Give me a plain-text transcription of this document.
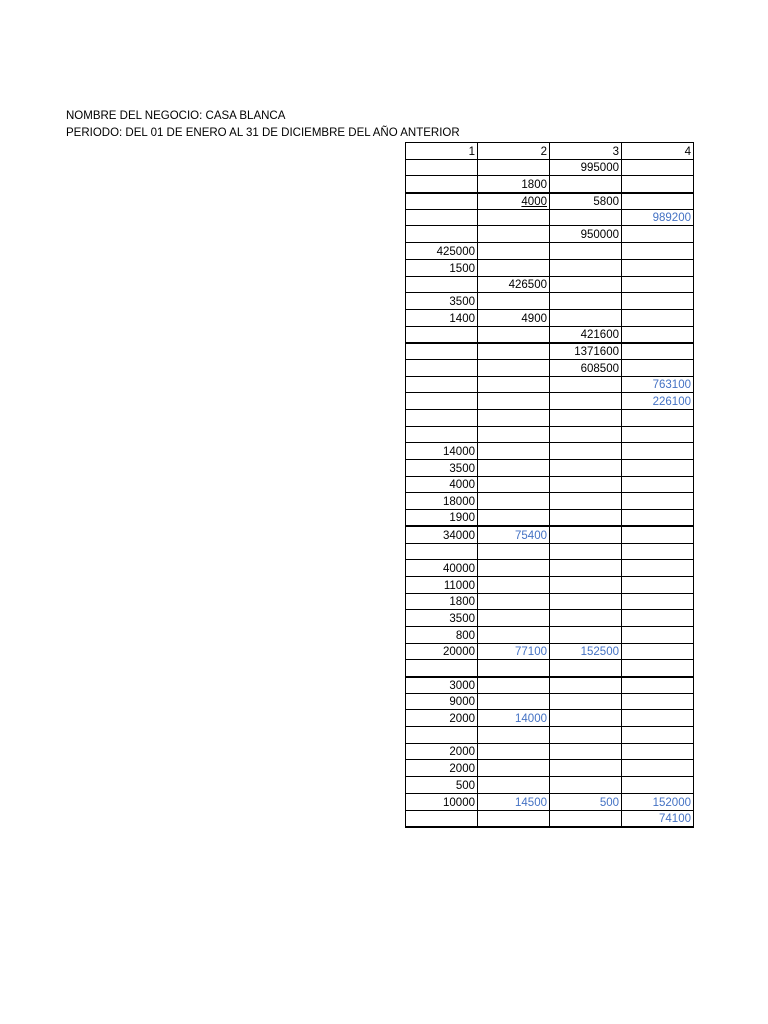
NOMBRE DEL NEGOCIO: CASA BLANCA
PERIODO: DEL 01 DE ENERO AL 31 DE DICIEMBRE DEL AÑO ANTERIOR
1	2	3	4
		995000	
	1800		
	4000	5800	
			989200
		950000	
425000			
1500			
	426500		
3500			
1400	4900		
		421600	
		1371600	
		608500	
			763100
			226100

14000			
3500			
4000			
18000			
1900			
34000	75400		

40000			
11000			
1800			
3500			
800			
20000	77100	152500	

3000			
9000			
2000	14000		

2000			
2000			
500			
10000	14500	500	152000
			74100
